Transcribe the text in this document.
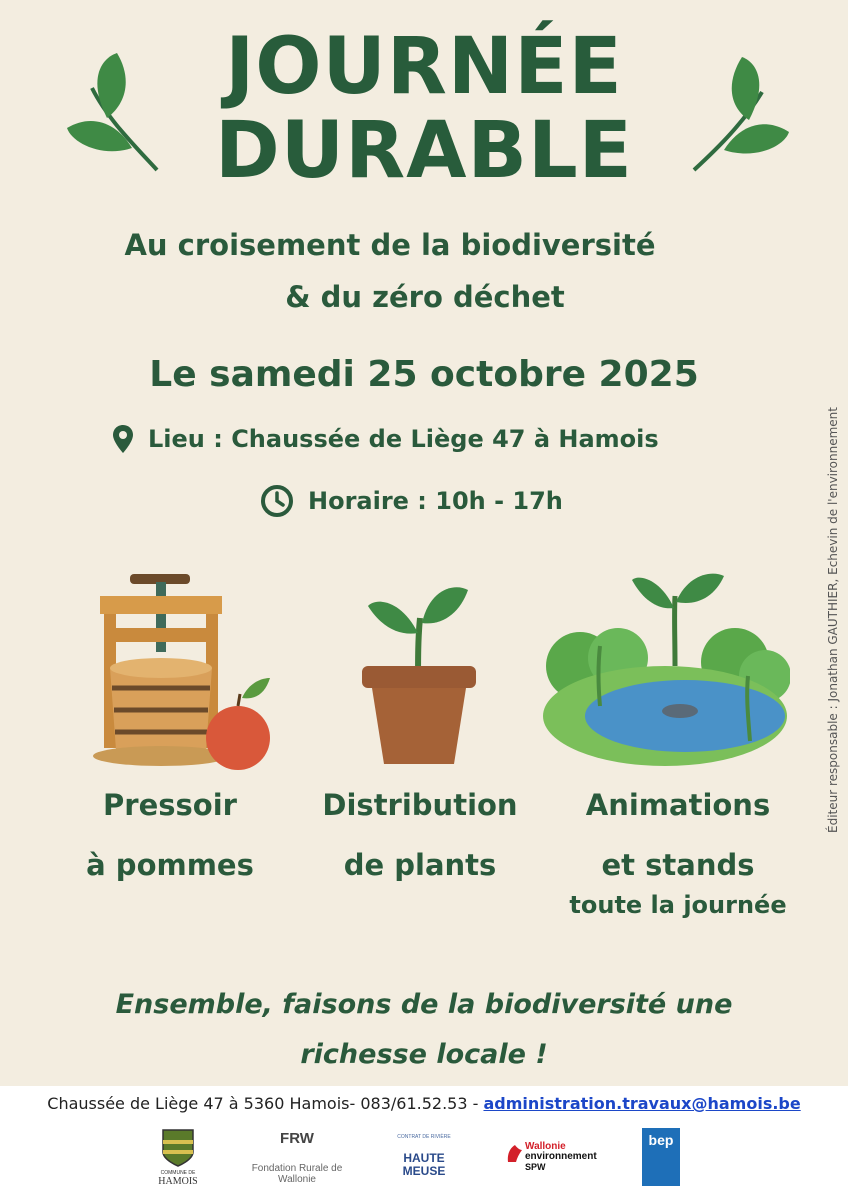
JOURNÉE
DURABLE
Au croisement de la biodiversité
& du zéro déchet
Le samedi 25 octobre 2025
Lieu : Chaussée de Liège 47 à Hamois
Horaire : 10h - 17h
Pressoir
à pommes
Distribution
de plants
Animations
et stands
toute la journée
Ensemble, faisons de la biodiversité une
richesse locale !
Éditeur responsable : Jonathan GAUTHIER, Echevin de l'environnement
Chaussée de Liège 47 à 5360 Hamois- 083/61.52.53 - administration.travaux@hamois.be
COMMUNE DE
HAMOIS
FRW
Fondation Rurale de Wallonie
CONTRAT DE RIVIÈRE
HAUTE MEUSE
Wallonie
environnement
SPW
bep
